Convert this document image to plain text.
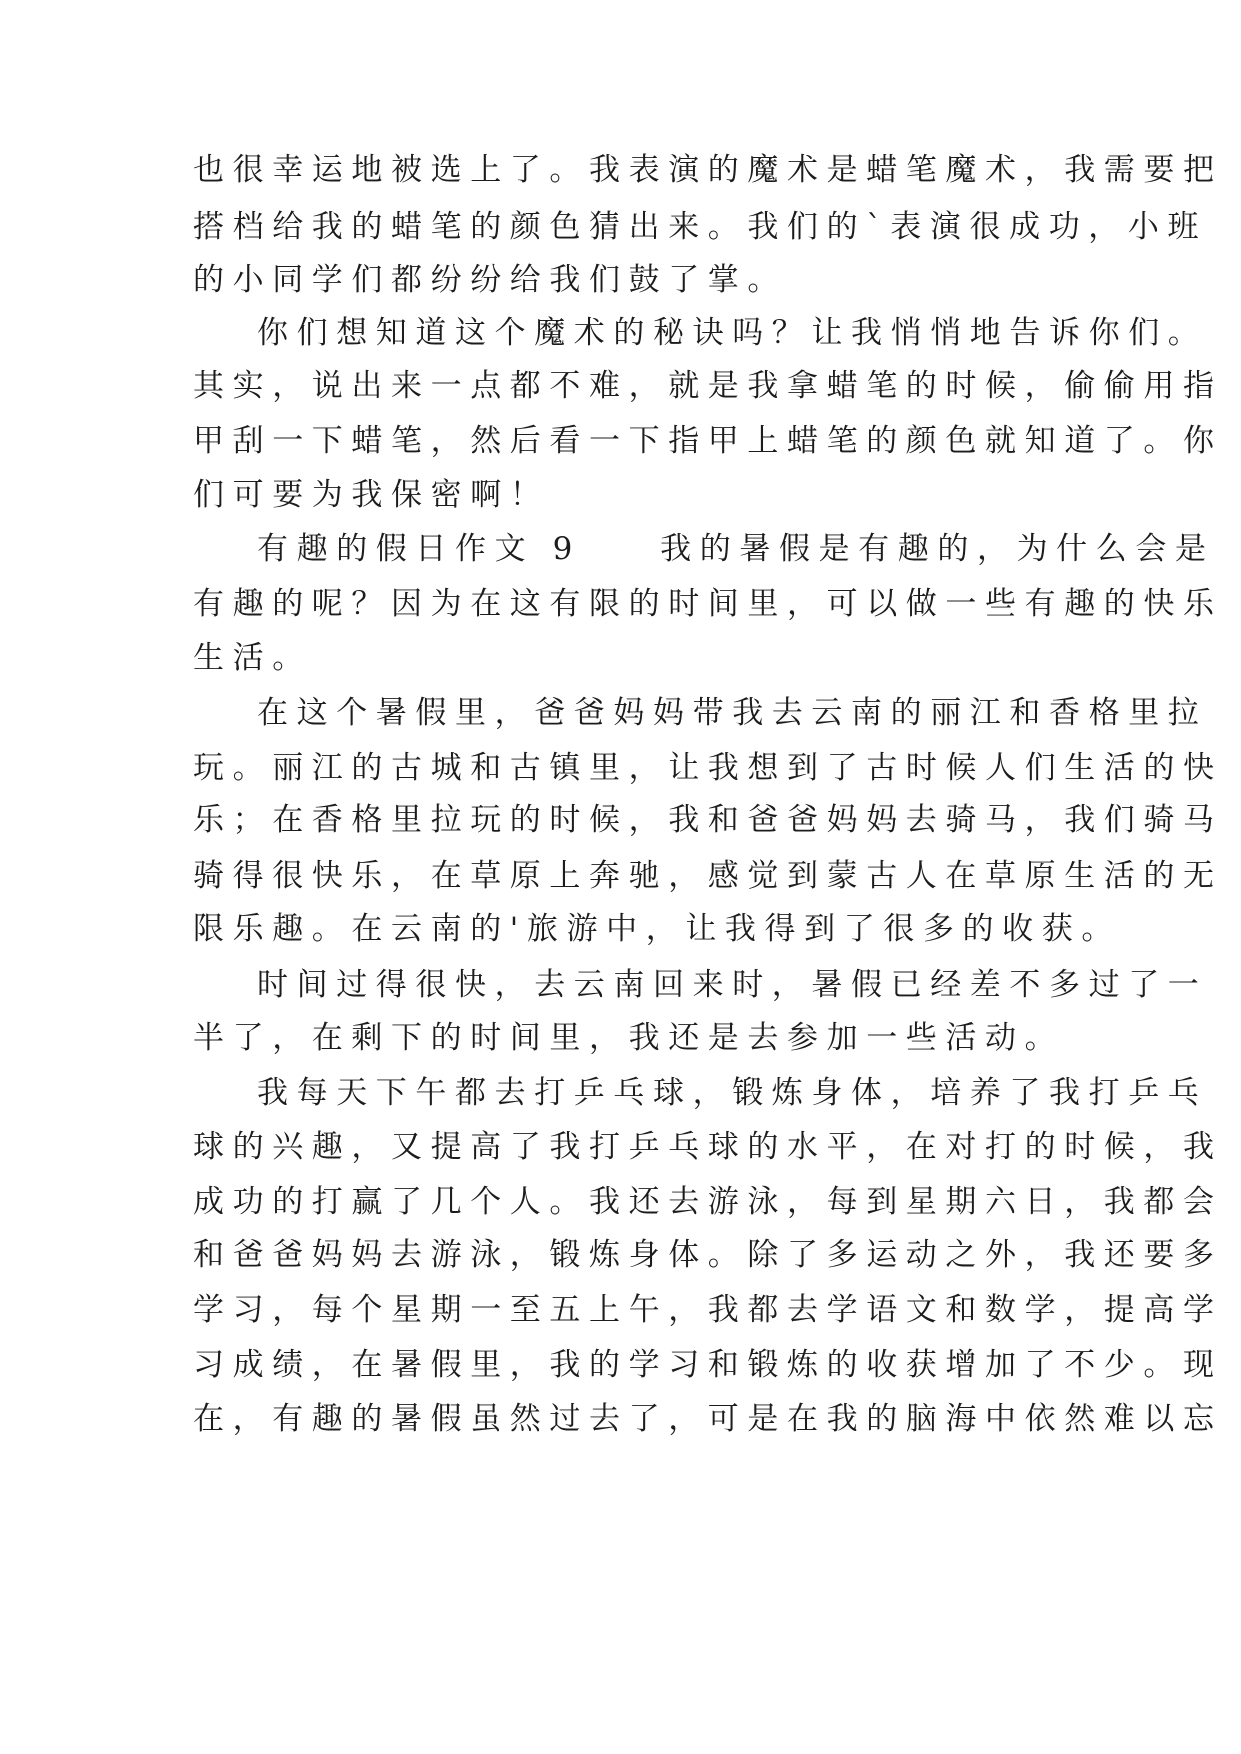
也很幸运地被选上了。我表演的魔术是蜡笔魔术，我需要把
搭档给我的蜡笔的颜色猜出来。我们的`表演很成功，小班
的小同学们都纷纷给我们鼓了掌。
你们想知道这个魔术的秘诀吗？让我悄悄地告诉你们。
其实，说出来一点都不难，就是我拿蜡笔的时候，偷偷用指
甲刮一下蜡笔，然后看一下指甲上蜡笔的颜色就知道了。你
们可要为我保密啊！
有趣的假日作文 9　　我的暑假是有趣的，为什么会是
有趣的呢？因为在这有限的时间里，可以做一些有趣的快乐
生活。
在这个暑假里，爸爸妈妈带我去云南的丽江和香格里拉
玩。丽江的古城和古镇里，让我想到了古时候人们生活的快
乐；在香格里拉玩的时候，我和爸爸妈妈去骑马，我们骑马
骑得很快乐，在草原上奔驰，感觉到蒙古人在草原生活的无
限乐趣。在云南的'旅游中，让我得到了很多的收获。
时间过得很快，去云南回来时，暑假已经差不多过了一
半了，在剩下的时间里，我还是去参加一些活动。
我每天下午都去打乒乓球，锻炼身体，培养了我打乒乓
球的兴趣，又提高了我打乒乓球的水平，在对打的时候，我
成功的打赢了几个人。我还去游泳，每到星期六日，我都会
和爸爸妈妈去游泳，锻炼身体。除了多运动之外，我还要多
学习，每个星期一至五上午，我都去学语文和数学，提高学
习成绩，在暑假里，我的学习和锻炼的收获增加了不少。现
在，有趣的暑假虽然过去了，可是在我的脑海中依然难以忘
